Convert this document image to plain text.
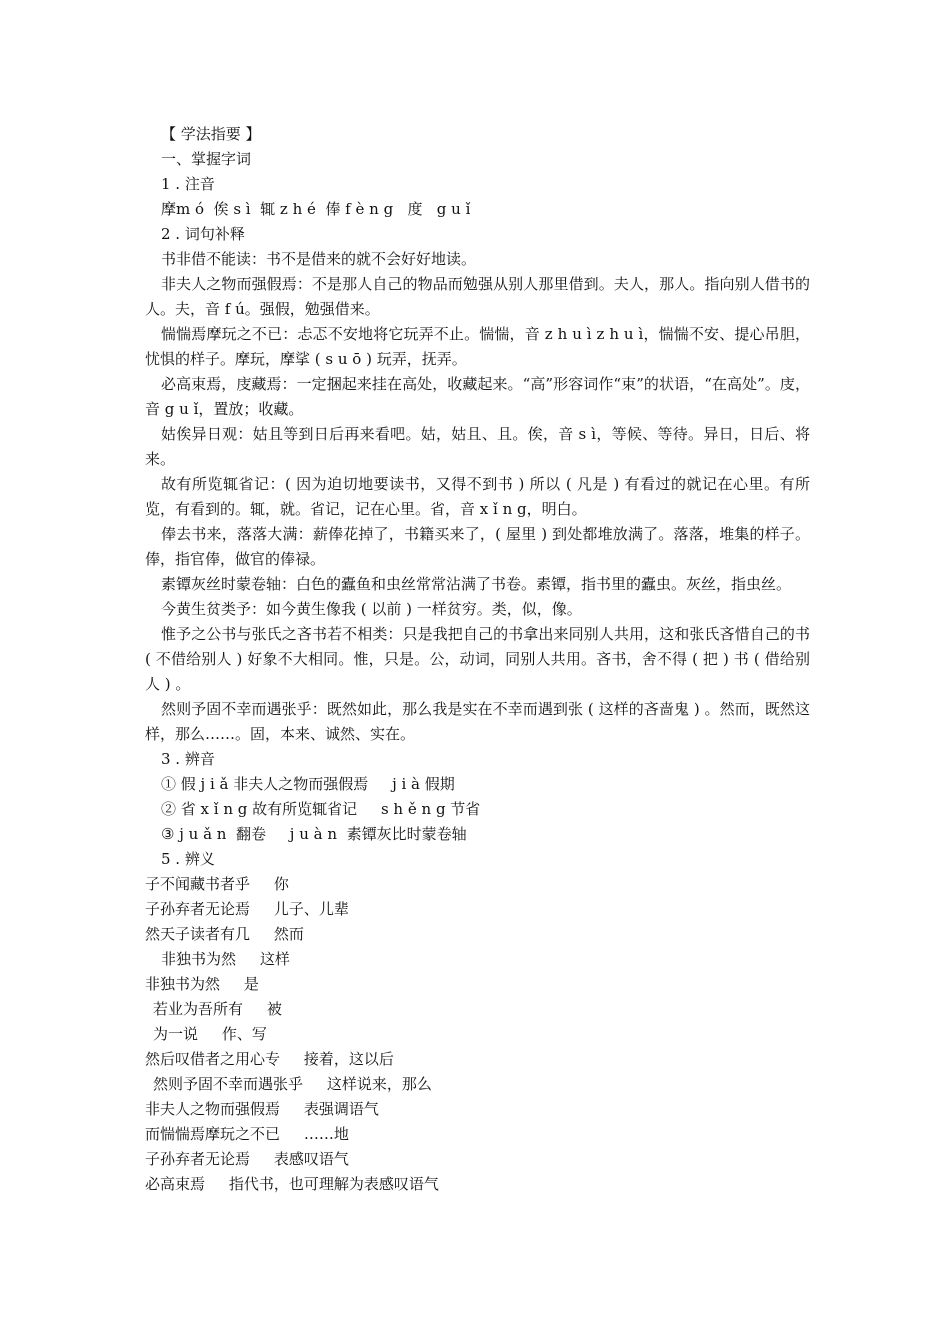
【 学法指要 】
一、掌握字词
1 . 注音
摩m ó  俟 s ì  辄 z h é  俸 f è n g   度   g u ǐ
2 . 词句补释

书非借不能读：书不是借来的就不会好好地读。

非夫人之物而强假焉：不是那人自己的物品而勉强从别人那里借到。夫人，那人。指向别人借书的人。夫，音 f ú。强假，勉强借来。

惴惴焉摩玩之不已：忐忑不安地将它玩弄不止。惴惴，音 z h u ì z h u ì，惴惴不安、提心吊胆，忧惧的样子。摩玩，摩挲 ( s u ō ) 玩弄，抚弄。

必高束焉，庋藏焉：一定捆起来挂在高处，收藏起来。“高”形容词作“束”的状语，“在高处”。庋，音 g u ǐ，置放；收藏。

姑俟异日观：姑且等到日后再来看吧。姑，姑且、且。俟，音 s ì，等候、等待。异日，日后、将来。

故有所览辄省记：( 因为迫切地要读书，又得不到书 ) 所以 ( 凡是 ) 有看过的就记在心里。有所览，有看到的。辄，就。省记，记在心里。省，音 x ǐ n g，明白。

俸去书来，落落大满：薪俸花掉了，书籍买来了，( 屋里 ) 到处都堆放满了。落落，堆集的样子。俸，指官俸，做官的俸禄。

素镡灰丝时蒙卷轴：白色的蠹鱼和虫丝常常沾满了书卷。素镡，指书里的蠹虫。灰丝，指虫丝。

今黄生贫类予：如今黄生像我 ( 以前 ) 一样贫穷。类，似，像。

惟予之公书与张氏之吝书若不相类：只是我把自己的书拿出来同别人共用，这和张氏吝惜自己的书 ( 不借给别人 ) 好象不大相同。惟，只是。公，动词，同别人共用。吝书，舍不得 ( 把 ) 书 ( 借给别人 ) 。

然则予固不幸而遇张乎：既然如此，那么我是实在不幸而遇到张 ( 这样的吝啬鬼 ) 。然而，既然这样，那么……。固，本来、诚然、实在。

3 . 辨音
① 假 j i ǎ 非夫人之物而强假焉     j i à 假期
② 省 x ǐ n g 故有所览辄省记     s h ě n g 节省
③ j u ǎ n  翻卷     j u à n  素镡灰比时蒙卷轴
5 . 辨义
子不闻藏书者乎     你
子孙弃者无论焉     儿子、儿辈
然天子读者有几     然而
非独书为然     这样
非独书为然     是
若业为吾所有     被
为一说     作、写
然后叹借者之用心专     接着，这以后
然则予固不幸而遇张乎     这样说来，那么
非夫人之物而强假焉     表强调语气
而惴惴焉摩玩之不已     ……地
子孙弃者无论焉     表感叹语气
必高束焉     指代书，也可理解为表感叹语气
